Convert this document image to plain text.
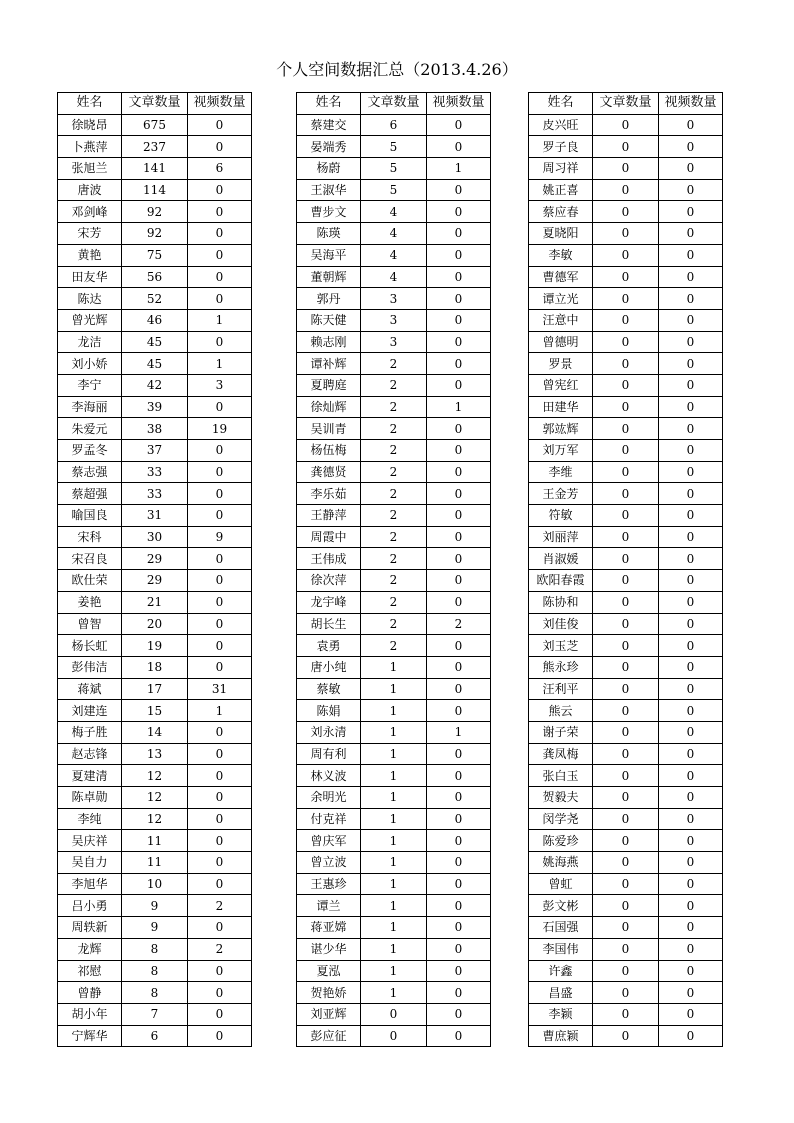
个人空间数据汇总（2013.4.26）
姓名	文章数量	视频数量
徐晓昂	675	0
卜燕萍	237	0
张旭兰	141	6
唐波	114	0
邓剑峰	92	0
宋芳	92	0
黄艳	75	0
田友华	56	0
陈达	52	0
曾光辉	46	1
龙洁	45	0
刘小娇	45	1
李宁	42	3
李海丽	39	0
朱爱元	38	19
罗孟冬	37	0
蔡志强	33	0
蔡超强	33	0
喻国良	31	0
宋科	30	9
宋召良	29	0
欧仕荣	29	0
姜艳	21	0
曾智	20	0
杨长虹	19	0
彭伟洁	18	0
蒋斌	17	31
刘建连	15	1
梅子胜	14	0
赵志锋	13	0
夏建清	12	0
陈卓勋	12	0
李纯	12	0
吴庆祥	11	0
吴自力	11	0
李旭华	10	0
吕小勇	9	2
周轶新	9	0
龙辉	8	2
祁慰	8	0
曾静	8	0
胡小年	7	0
宁辉华	6	0
姓名	文章数量	视频数量
蔡建交	6	0
晏端秀	5	0
杨蔚	5	1
王淑华	5	0
曹步文	4	0
陈瑛	4	0
吴海平	4	0
董朝辉	4	0
郭丹	3	0
陈天健	3	0
赖志刚	3	0
谭补辉	2	0
夏聘庭	2	0
徐灿辉	2	1
吴训青	2	0
杨伍梅	2	0
龚德贤	2	0
李乐茹	2	0
王静萍	2	0
周霞中	2	0
王伟成	2	0
徐次萍	2	0
龙宇峰	2	0
胡长生	2	2
袁勇	2	0
唐小纯	1	0
蔡敏	1	0
陈娟	1	0
刘永清	1	1
周有利	1	0
林义波	1	0
余明光	1	0
付克祥	1	0
曾庆军	1	0
曾立波	1	0
王惠珍	1	0
谭兰	1	0
蒋亚嫦	1	0
谌少华	1	0
夏泓	1	0
贺艳娇	1	0
刘亚辉	0	0
彭应征	0	0
姓名	文章数量	视频数量
皮兴旺	0	0
罗子良	0	0
周习祥	0	0
姚正喜	0	0
蔡应春	0	0
夏晓阳	0	0
李敏	0	0
曹德军	0	0
谭立光	0	0
汪意中	0	0
曾德明	0	0
罗景	0	0
曾宪红	0	0
田建华	0	0
郭竑辉	0	0
刘万军	0	0
李维	0	0
王金芳	0	0
符敏	0	0
刘丽萍	0	0
肖淑媛	0	0
欧阳春霞	0	0
陈协和	0	0
刘佳俊	0	0
刘玉芝	0	0
熊永珍	0	0
汪利平	0	0
熊云	0	0
谢子荣	0	0
龚凤梅	0	0
张白玉	0	0
贺毅夫	0	0
闵学尧	0	0
陈爱珍	0	0
姚海燕	0	0
曾虹	0	0
彭文彬	0	0
石国强	0	0
李国伟	0	0
许鑫	0	0
昌盛	0	0
李颖	0	0
曹庶颖	0	0
